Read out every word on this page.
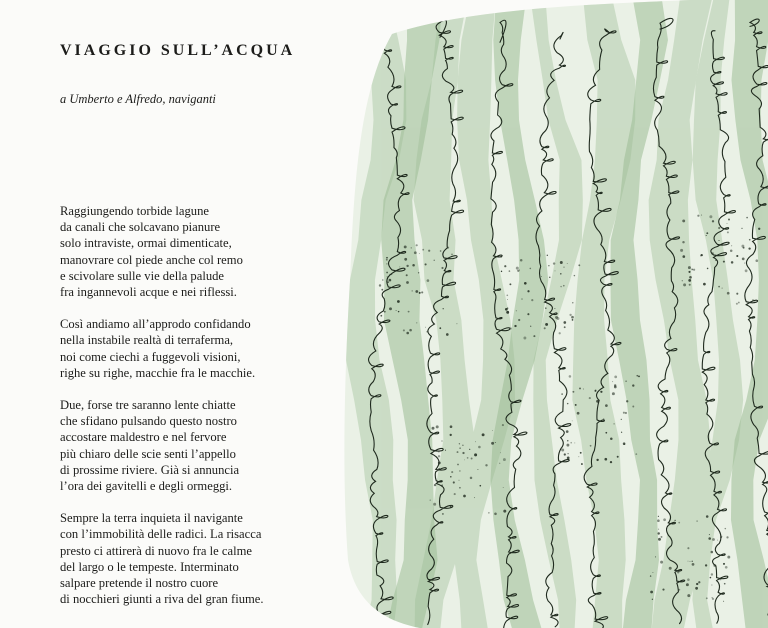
VIAGGIO SULL’ACQUA
a Umberto e Alfredo, naviganti
Raggiungendo torbide lagune
da canali che solcavano pianure
solo intraviste, ormai dimenticate,
manovrare col piede anche col remo
e scivolare sulle vie della palude
fra ingannevoli acque e nei riflessi.
Così andiamo all’approdo confidando
nella instabile realtà di terraferma,
noi come ciechi a fuggevoli visioni,
righe su righe, macchie fra le macchie.
Due, forse tre saranno lente chiatte
che sfidano pulsando questo nostro
accostare maldestro e nel fervore
più chiaro delle scie senti l’appello
di prossime riviere. Già si annuncia
l’ora dei gavitelli e degli ormeggi.
Sempre la terra inquieta il navigante
con l’immobilità delle radici. La risacca
presto ci attirerà di nuovo fra le calme
del largo o le tempeste. Interminato
salpare pretende il nostro cuore
di nocchieri giunti a riva del gran fiume.
